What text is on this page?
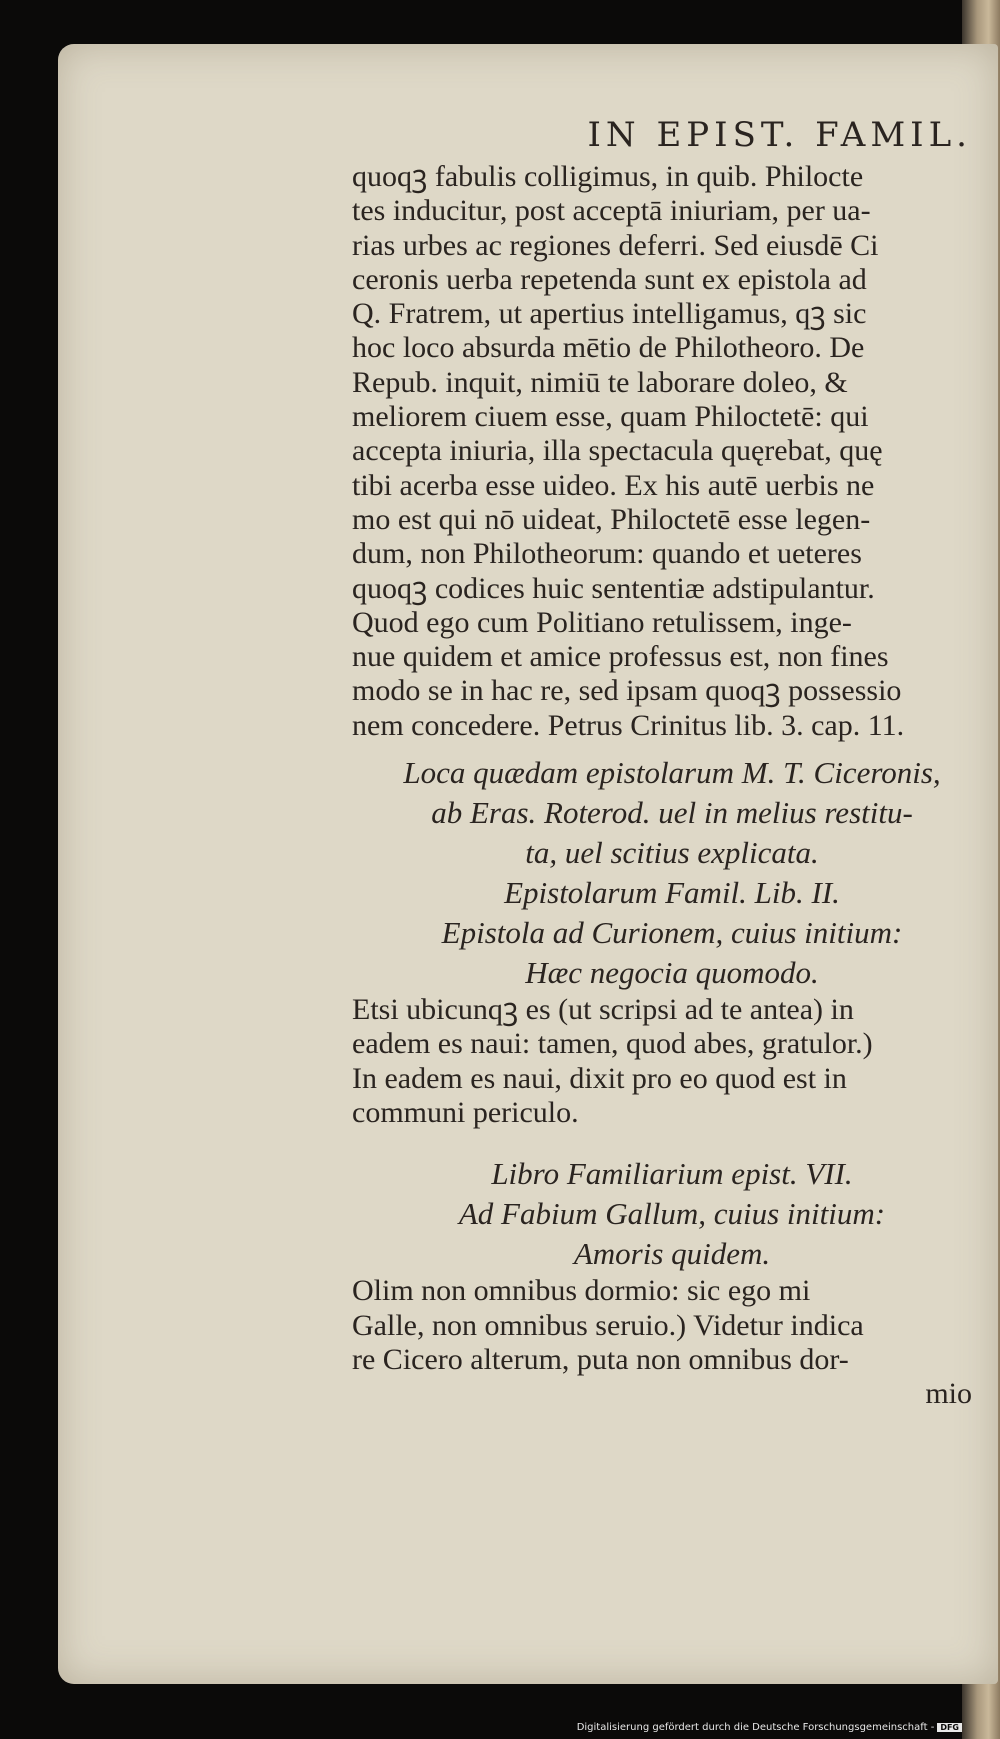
IN EPIST. FAMIL.
quoqꝫ fabulis colligimus, in quib. Philocte
tes inducitur, post acceptā iniuriam, per ua-
rias urbes ac regiones deferri. Sed eiusdē Ci
ceronis uerba repetenda sunt ex epistola ad
Q. Fratrem, ut apertius intelligamus, qꝫ sic
hoc loco absurda mētio de Philotheoro. De
Repub. inquit, nimiū te laborare doleo, &
meliorem ciuem esse, quam Philoctetē: qui
accepta iniuria, illa spectacula quęrebat, quę
tibi acerba esse uideo. Ex his autē uerbis ne
mo est qui nō uideat, Philoctetē esse legen-
dum, non Philotheorum: quando et ueteres
quoqꝫ codices huic sententiæ adstipulantur.
Quod ego cum Politiano retulissem, inge-
nue quidem et amice professus est, non fines
modo se in hac re, sed ipsam quoqꝫ possessio
nem concedere. Petrus Crinitus lib. 3. cap. 11.
Loca quædam epistolarum M. T. Ciceronis,
ab Eras. Roterod. uel in melius restitu-
ta, uel scitius explicata.
Epistolarum Famil. Lib. II.
Epistola ad Curionem, cuius initium:
Hæc negocia quomodo.
Etsi ubicunqꝫ es (ut scripsi ad te antea) in
eadem es naui: tamen, quod abes, gratulor.)
In eadem es naui, dixit pro eo quod est in
communi periculo.
Libro Familiarium epist. VII.
Ad Fabium Gallum, cuius initium:
Amoris quidem.
Olim non omnibus dormio: sic ego mi
Galle, non omnibus seruio.) Videtur indica
re Cicero alterum, puta non omnibus dor-
mio
Digitalisierung gefördert durch die Deutsche Forschungsgemeinschaft - DFG
